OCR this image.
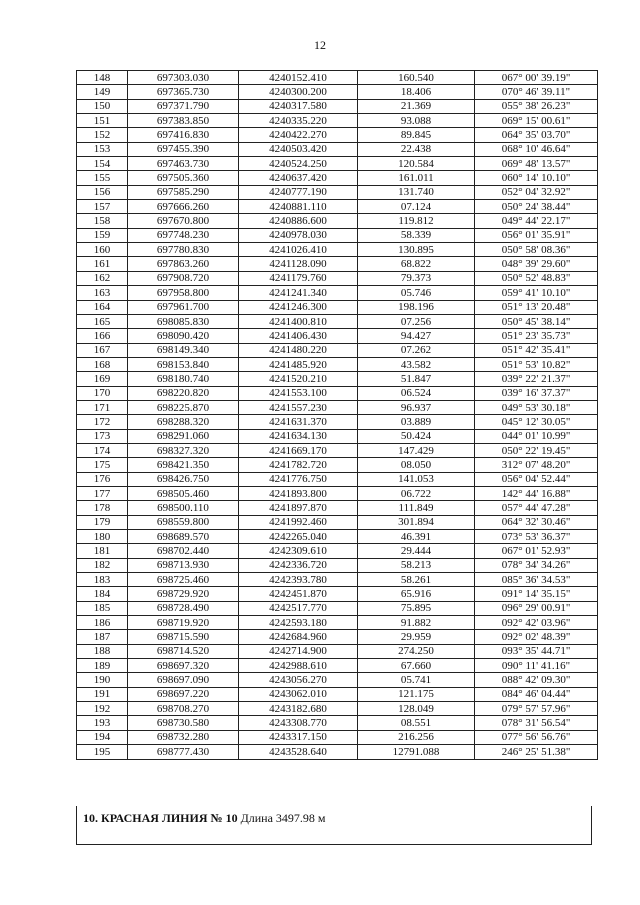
12
148	697303.030	4240152.410	160.540	067° 00' 39.19"
149	697365.730	4240300.200	18.406	070° 46' 39.11"
150	697371.790	4240317.580	21.369	055° 38' 26.23"
151	697383.850	4240335.220	93.088	069° 15' 00.61"
152	697416.830	4240422.270	89.845	064° 35' 03.70"
153	697455.390	4240503.420	22.438	068° 10' 46.64"
154	697463.730	4240524.250	120.584	069° 48' 13.57"
155	697505.360	4240637.420	161.011	060° 14' 10.10"
156	697585.290	4240777.190	131.740	052° 04' 32.92"
157	697666.260	4240881.110	07.124	050° 24' 38.44"
158	697670.800	4240886.600	119.812	049° 44' 22.17"
159	697748.230	4240978.030	58.339	056° 01' 35.91"
160	697780.830	4241026.410	130.895	050° 58' 08.36"
161	697863.260	4241128.090	68.822	048° 39' 29.60"
162	697908.720	4241179.760	79.373	050° 52' 48.83"
163	697958.800	4241241.340	05.746	059° 41' 10.10"
164	697961.700	4241246.300	198.196	051° 13' 20.48"
165	698085.830	4241400.810	07.256	050° 45' 38.14"
166	698090.420	4241406.430	94.427	051° 23' 35.73"
167	698149.340	4241480.220	07.262	051° 42' 35.41"
168	698153.840	4241485.920	43.582	051° 53' 10.82"
169	698180.740	4241520.210	51.847	039° 22' 21.37"
170	698220.820	4241553.100	06.524	039° 16' 37.37"
171	698225.870	4241557.230	96.937	049° 53' 30.18"
172	698288.320	4241631.370	03.889	045° 12' 30.05"
173	698291.060	4241634.130	50.424	044° 01' 10.99"
174	698327.320	4241669.170	147.429	050° 22' 19.45"
175	698421.350	4241782.720	08.050	312° 07' 48.20"
176	698426.750	4241776.750	141.053	056° 04' 52.44"
177	698505.460	4241893.800	06.722	142° 44' 16.88"
178	698500.110	4241897.870	111.849	057° 44' 47.28"
179	698559.800	4241992.460	301.894	064° 32' 30.46"
180	698689.570	4242265.040	46.391	073° 53' 36.37"
181	698702.440	4242309.610	29.444	067° 01' 52.93"
182	698713.930	4242336.720	58.213	078° 34' 34.26"
183	698725.460	4242393.780	58.261	085° 36' 34.53"
184	698729.920	4242451.870	65.916	091° 14' 35.15"
185	698728.490	4242517.770	75.895	096° 29' 00.91"
186	698719.920	4242593.180	91.882	092° 42' 03.96"
187	698715.590	4242684.960	29.959	092° 02' 48.39"
188	698714.520	4242714.900	274.250	093° 35' 44.71"
189	698697.320	4242988.610	67.660	090° 11' 41.16"
190	698697.090	4243056.270	05.741	088° 42' 09.30"
191	698697.220	4243062.010	121.175	084° 46' 04.44"
192	698708.270	4243182.680	128.049	079° 57' 57.96"
193	698730.580	4243308.770	08.551	078° 31' 56.54"
194	698732.280	4243317.150	216.256	077° 56' 56.76"
195	698777.430	4243528.640	12791.088	246° 25' 51.38"
10. КРАСНАЯ ЛИНИЯ № 10 Длина 3497.98 м
